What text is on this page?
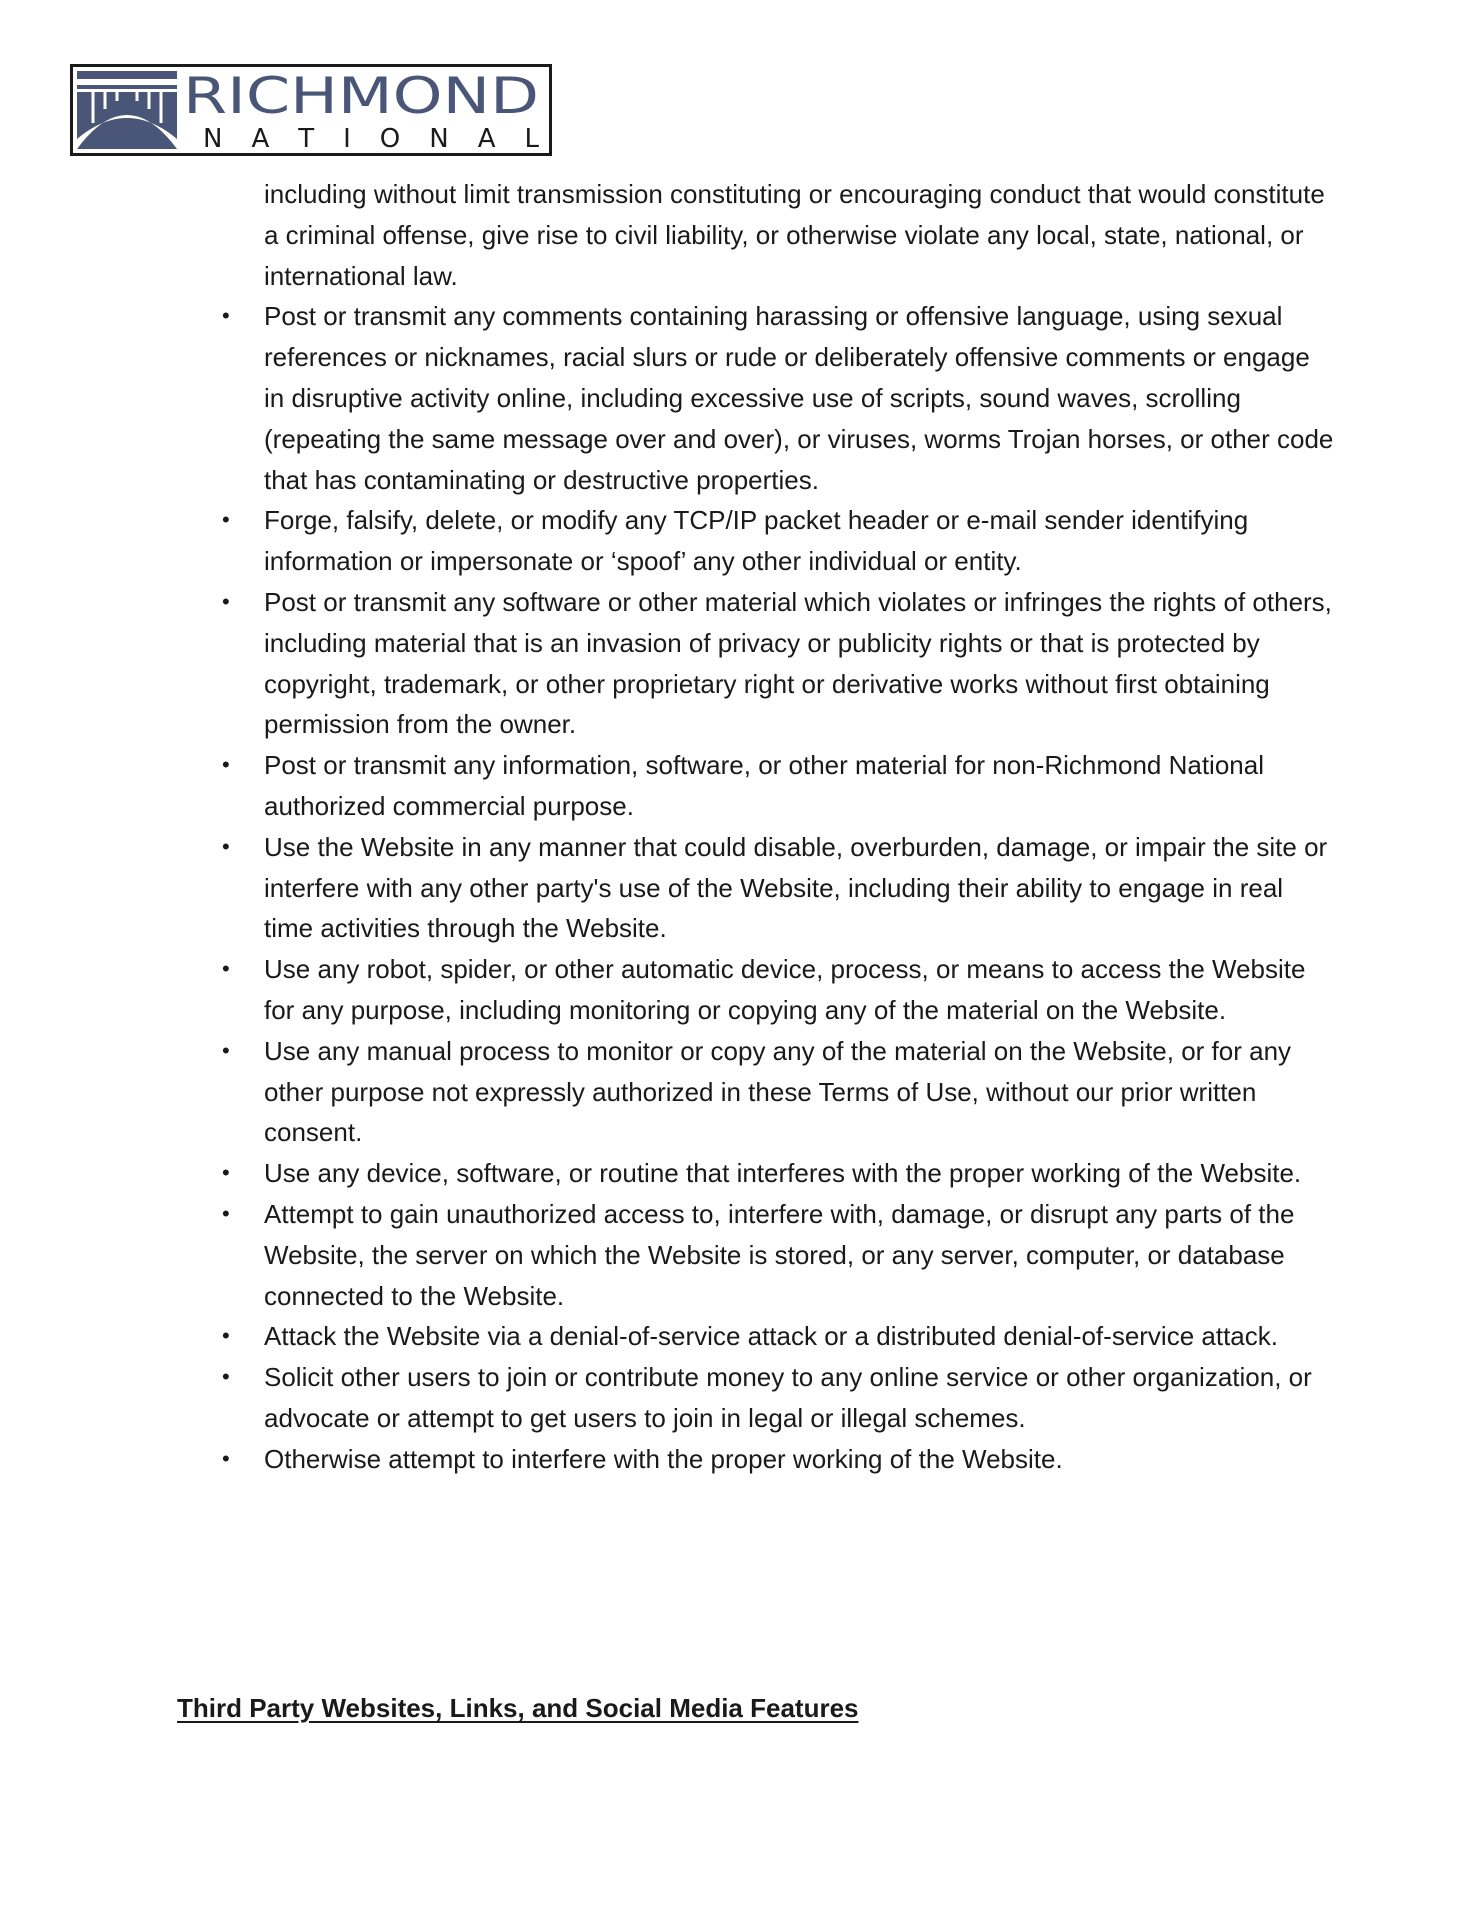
RICHMOND
N A T I O N A L

including without limit transmission constituting or encouraging conduct that would constitute a criminal offense, give rise to civil liability, or otherwise violate any local, state, national, or international law.

• Post or transmit any comments containing harassing or offensive language, using sexual references or nicknames, racial slurs or rude or deliberately offensive comments or engage in disruptive activity online, including excessive use of scripts, sound waves, scrolling (repeating the same message over and over), or viruses, worms Trojan horses, or other code that has contaminating or destructive properties.
• Forge, falsify, delete, or modify any TCP/IP packet header or e-mail sender identifying information or impersonate or ‘spoof’ any other individual or entity.
• Post or transmit any software or other material which violates or infringes the rights of others, including material that is an invasion of privacy or publicity rights or that is protected by copyright, trademark, or other proprietary right or derivative works without first obtaining permission from the owner.
• Post or transmit any information, software, or other material for non-Richmond National authorized commercial purpose.
• Use the Website in any manner that could disable, overburden, damage, or impair the site or interfere with any other party's use of the Website, including their ability to engage in real time activities through the Website.
• Use any robot, spider, or other automatic device, process, or means to access the Website for any purpose, including monitoring or copying any of the material on the Website.
• Use any manual process to monitor or copy any of the material on the Website, or for any other purpose not expressly authorized in these Terms of Use, without our prior written consent.
• Use any device, software, or routine that interferes with the proper working of the Website.
• Attempt to gain unauthorized access to, interfere with, damage, or disrupt any parts of the Website, the server on which the Website is stored, or any server, computer, or database connected to the Website.
• Attack the Website via a denial-of-service attack or a distributed denial-of-service attack.
• Solicit other users to join or contribute money to any online service or other organization, or advocate or attempt to get users to join in legal or illegal schemes.
• Otherwise attempt to interfere with the proper working of the Website.
Third Party Websites, Links, and Social Media Features
